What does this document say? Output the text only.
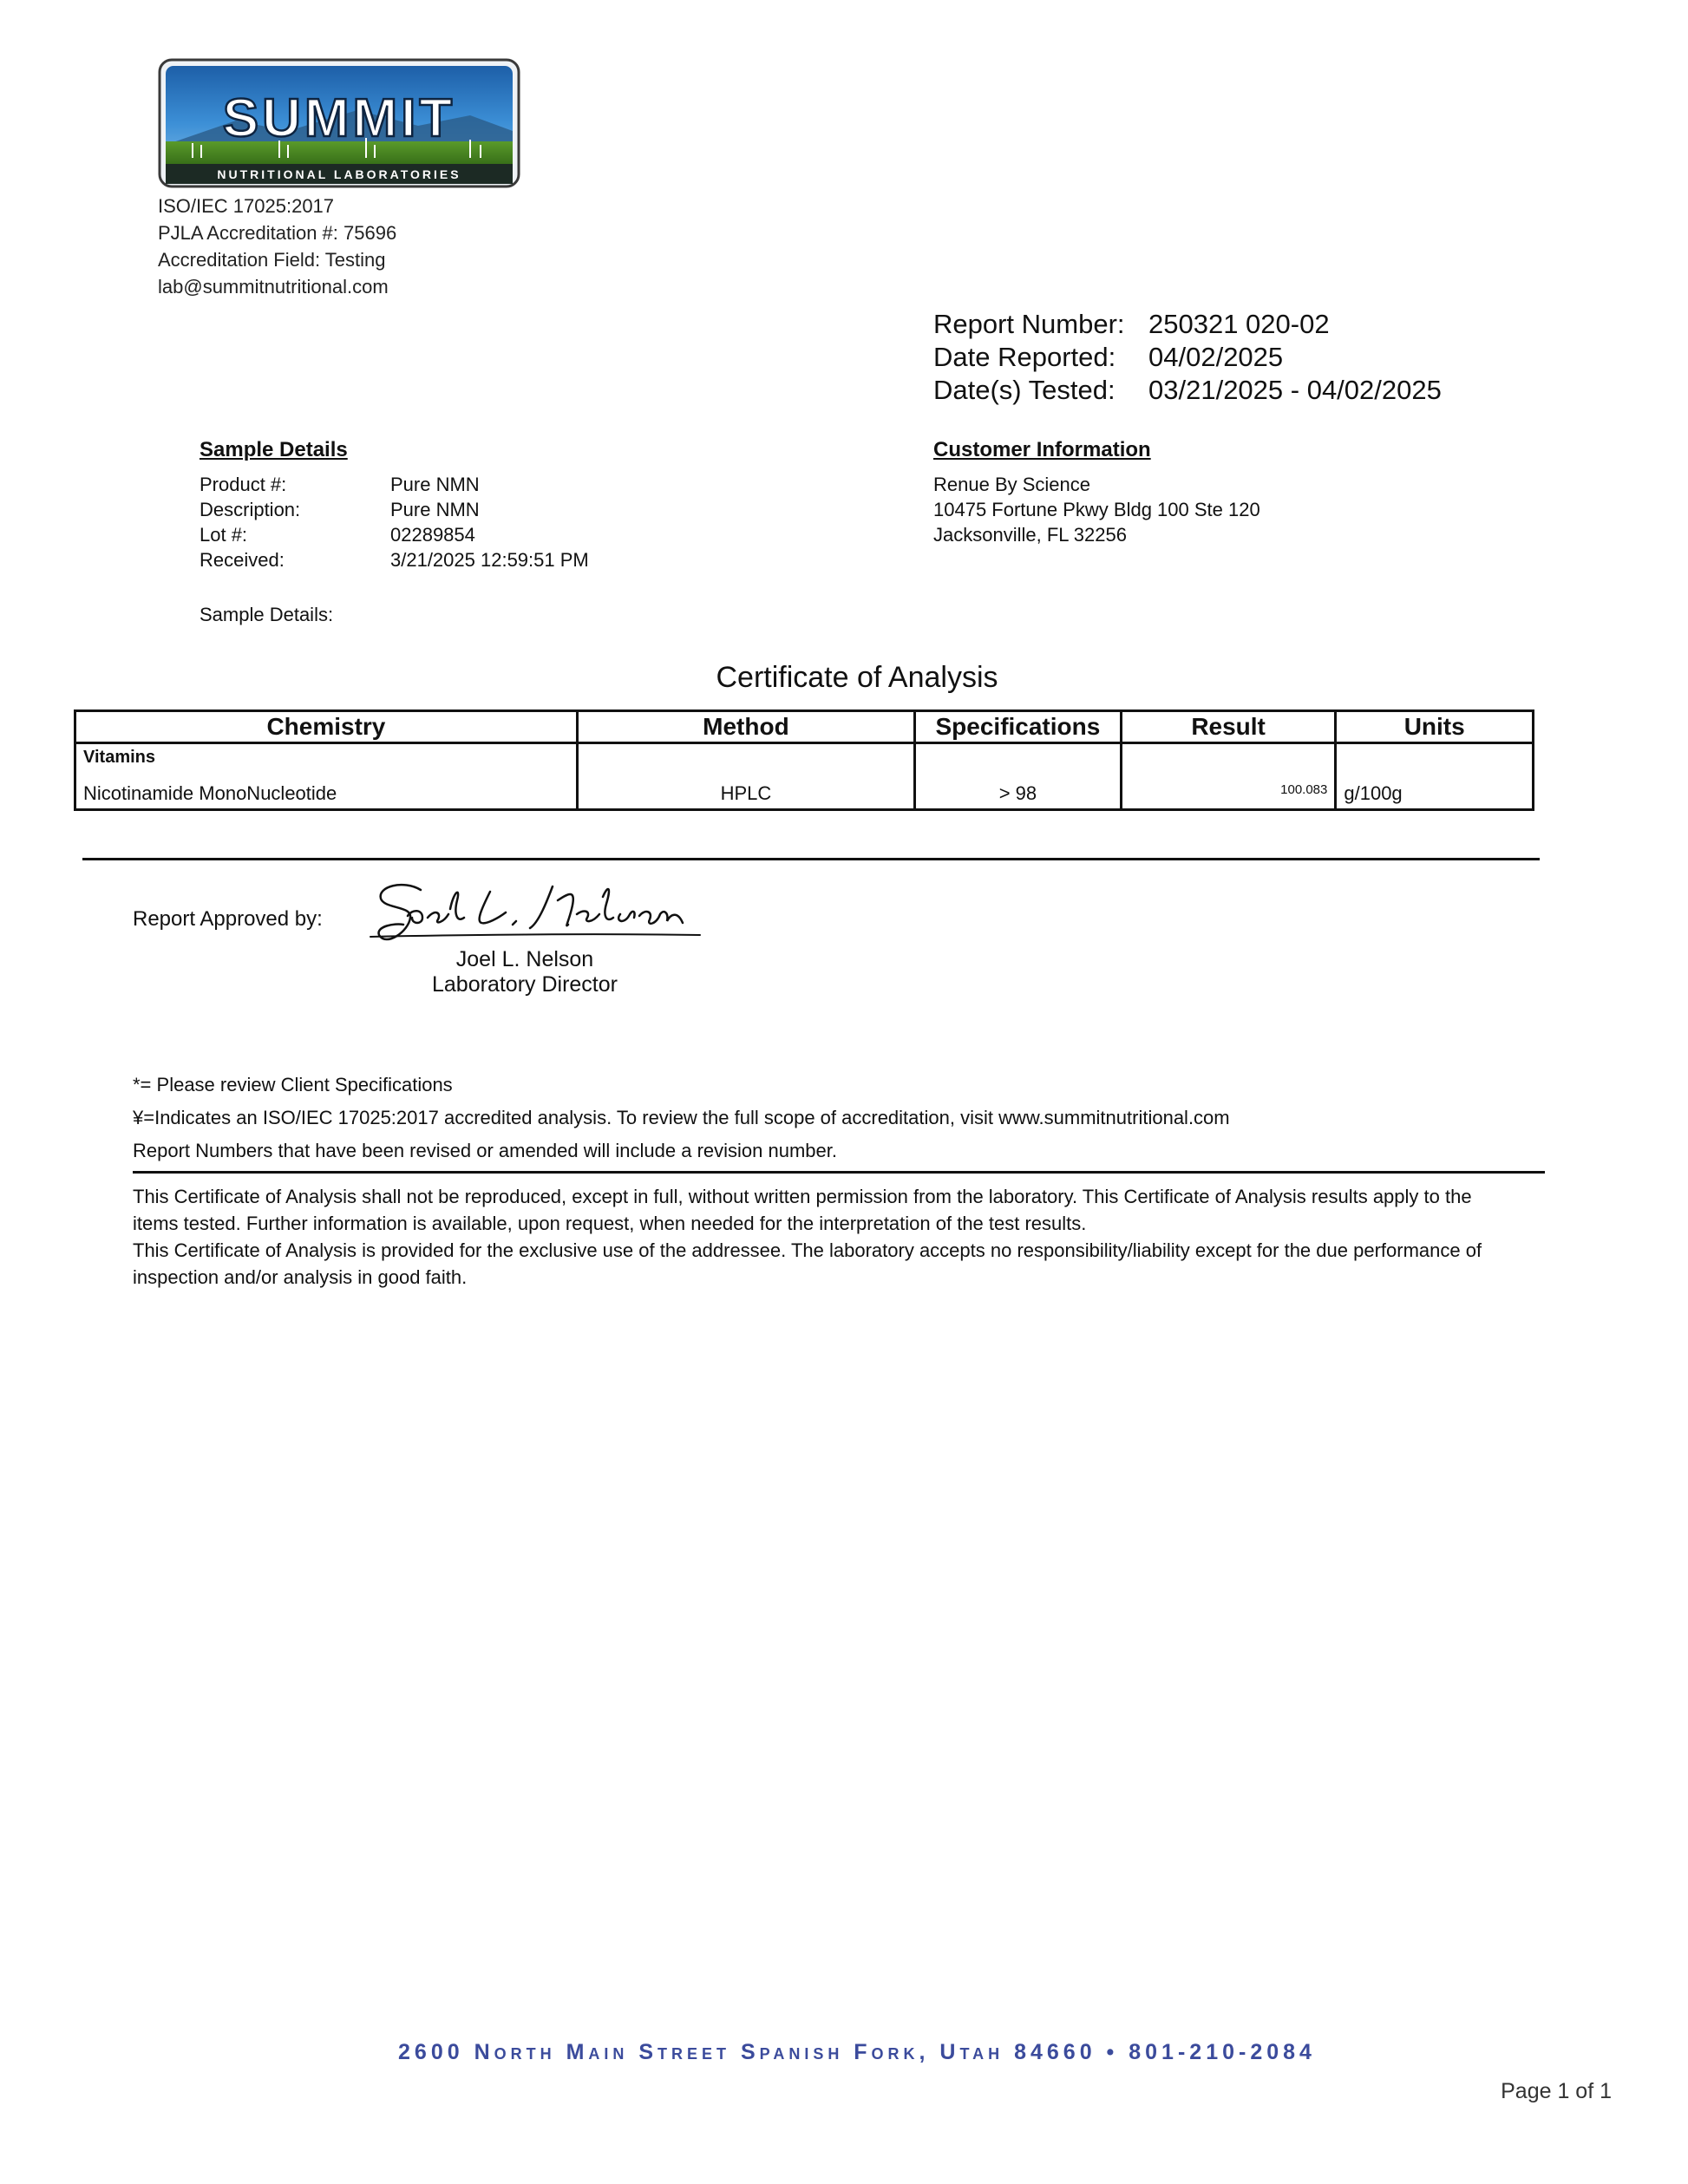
SUMMIT
NUTRITIONAL LABORATORIES
ISO/IEC 17025:2017
PJLA Accreditation #: 75696
Accreditation Field: Testing
lab@summitnutritional.com
Report Number: 250321 020-02
Date Reported:	04/02/2025
Date(s) Tested:	03/21/2025 - 04/02/2025
Sample Details
Product #:	Pure NMN
Description:	Pure NMN
Lot #:	02289854
Received:	3/21/2025 12:59:51 PM
Customer Information
Renue By Science
10475 Fortune Pkwy Bldg 100 Ste 120
Jacksonville, FL 32256
Sample Details:
Certificate of Analysis
Chemistry	Method	Specifications	Result	Units
Vitamins				
Nicotinamide MonoNucleotide	HPLC	> 98	100.083	g/100g
Report Approved by:
Joel L. Nelson
Laboratory Director
*= Please review Client Specifications
¥=Indicates an ISO/IEC 17025:2017 accredited analysis. To review the full scope of accreditation, visit www.summitnutritional.com
Report Numbers that have been revised or amended will include a revision number.
This Certificate of Analysis shall not be reproduced, except in full, without written permission from the laboratory. This Certificate of Analysis results apply to the items tested. Further information is available, upon request, when needed for the interpretation of the test results.
This Certificate of Analysis is provided for the exclusive use of the addressee. The laboratory accepts no responsibility/liability except for the due performance of inspection and/or analysis in good faith.
2600 North Main Street Spanish Fork, Utah 84660 • 801-210-2084
Page 1 of 1
